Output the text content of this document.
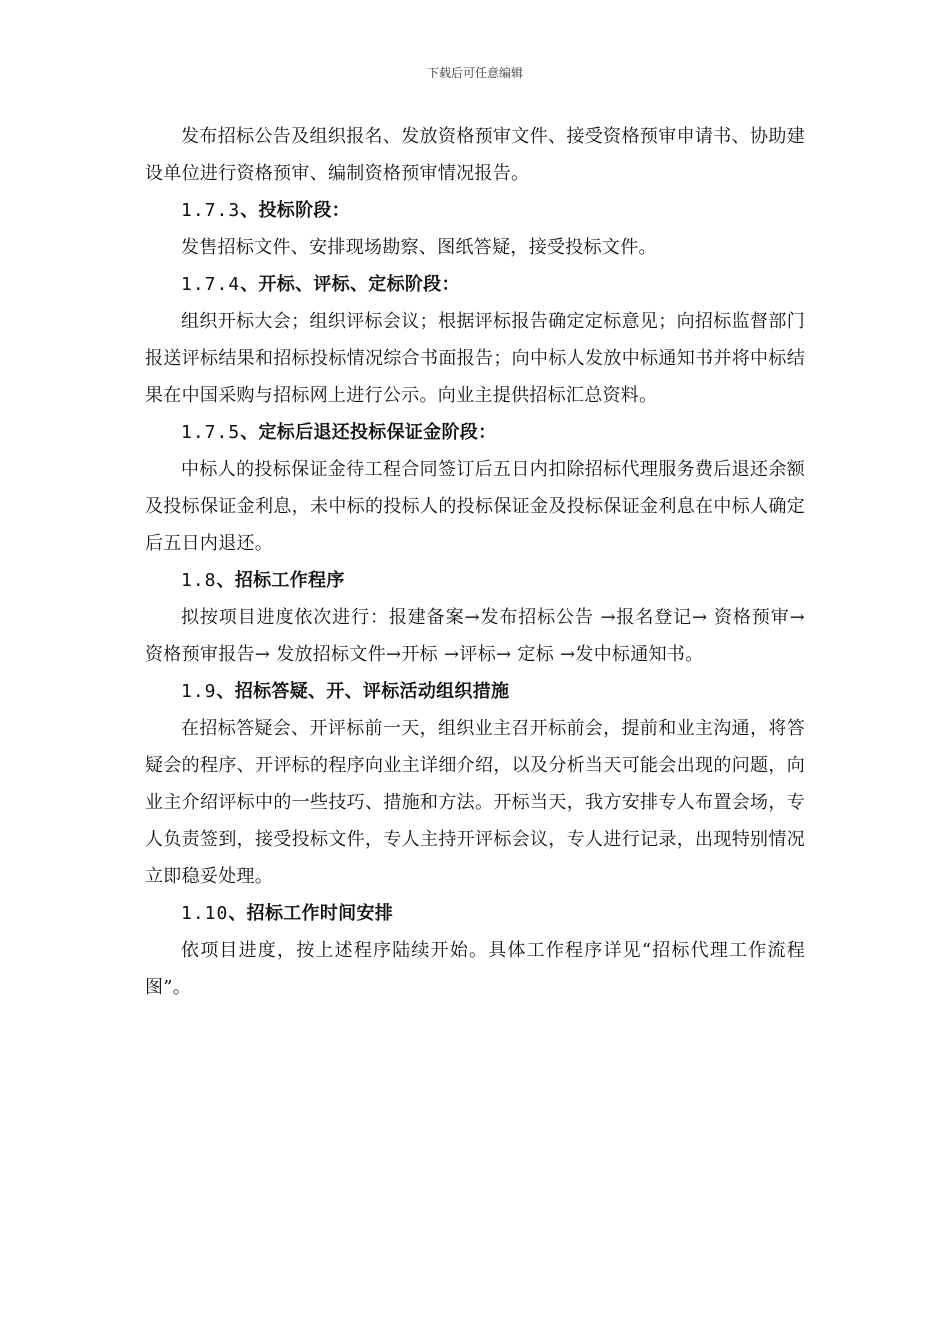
下载后可任意编辑

发布招标公告及组织报名、发放资格预审文件、接受资格预审申请书、协助建设单位进行资格预审、编制资格预审情况报告。

1.7.3、投标阶段：

发售招标文件、安排现场勘察、图纸答疑，接受投标文件。

1.7.4、开标、评标、定标阶段：

组织开标大会；组织评标会议；根据评标报告确定定标意见；向招标监督部门报送评标结果和招标投标情况综合书面报告；向中标人发放中标通知书并将中标结果在中国采购与招标网上进行公示。向业主提供招标汇总资料。

1.7.5、定标后退还投标保证金阶段：

中标人的投标保证金待工程合同签订后五日内扣除招标代理服务费后退还余额及投标保证金利息，未中标的投标人的投标保证金及投标保证金利息在中标人确定后五日内退还。

1.8、招标工作程序

拟按项目进度依次进行：报建备案→发布招标公告 →报名登记→ 资格预审→ 资格预审报告→ 发放招标文件→开标 →评标→ 定标 →发中标通知书。

1.9、招标答疑、开、评标活动组织措施

在招标答疑会、开评标前一天，组织业主召开标前会，提前和业主沟通，将答疑会的程序、开评标的程序向业主详细介绍，以及分析当天可能会出现的问题，向业主介绍评标中的一些技巧、措施和方法。开标当天，我方安排专人布置会场，专人负责签到，接受投标文件，专人主持开评标会议，专人进行记录，出现特别情况立即稳妥处理。

1.10、招标工作时间安排

依项目进度，按上述程序陆续开始。具体工作程序详见“招标代理工作流程图”。
